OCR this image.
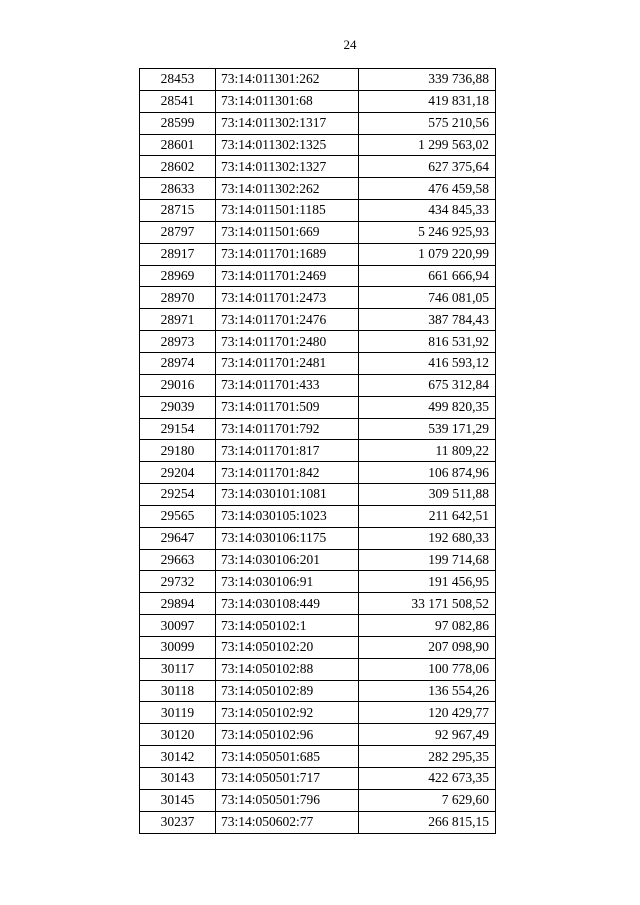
24
28453	73:14:011301:262	339 736,88
28541	73:14:011301:68	419 831,18
28599	73:14:011302:1317	575 210,56
28601	73:14:011302:1325	1 299 563,02
28602	73:14:011302:1327	627 375,64
28633	73:14:011302:262	476 459,58
28715	73:14:011501:1185	434 845,33
28797	73:14:011501:669	5 246 925,93
28917	73:14:011701:1689	1 079 220,99
28969	73:14:011701:2469	661 666,94
28970	73:14:011701:2473	746 081,05
28971	73:14:011701:2476	387 784,43
28973	73:14:011701:2480	816 531,92
28974	73:14:011701:2481	416 593,12
29016	73:14:011701:433	675 312,84
29039	73:14:011701:509	499 820,35
29154	73:14:011701:792	539 171,29
29180	73:14:011701:817	11 809,22
29204	73:14:011701:842	106 874,96
29254	73:14:030101:1081	309 511,88
29565	73:14:030105:1023	211 642,51
29647	73:14:030106:1175	192 680,33
29663	73:14:030106:201	199 714,68
29732	73:14:030106:91	191 456,95
29894	73:14:030108:449	33 171 508,52
30097	73:14:050102:1	97 082,86
30099	73:14:050102:20	207 098,90
30117	73:14:050102:88	100 778,06
30118	73:14:050102:89	136 554,26
30119	73:14:050102:92	120 429,77
30120	73:14:050102:96	92 967,49
30142	73:14:050501:685	282 295,35
30143	73:14:050501:717	422 673,35
30145	73:14:050501:796	7 629,60
30237	73:14:050602:77	266 815,15
